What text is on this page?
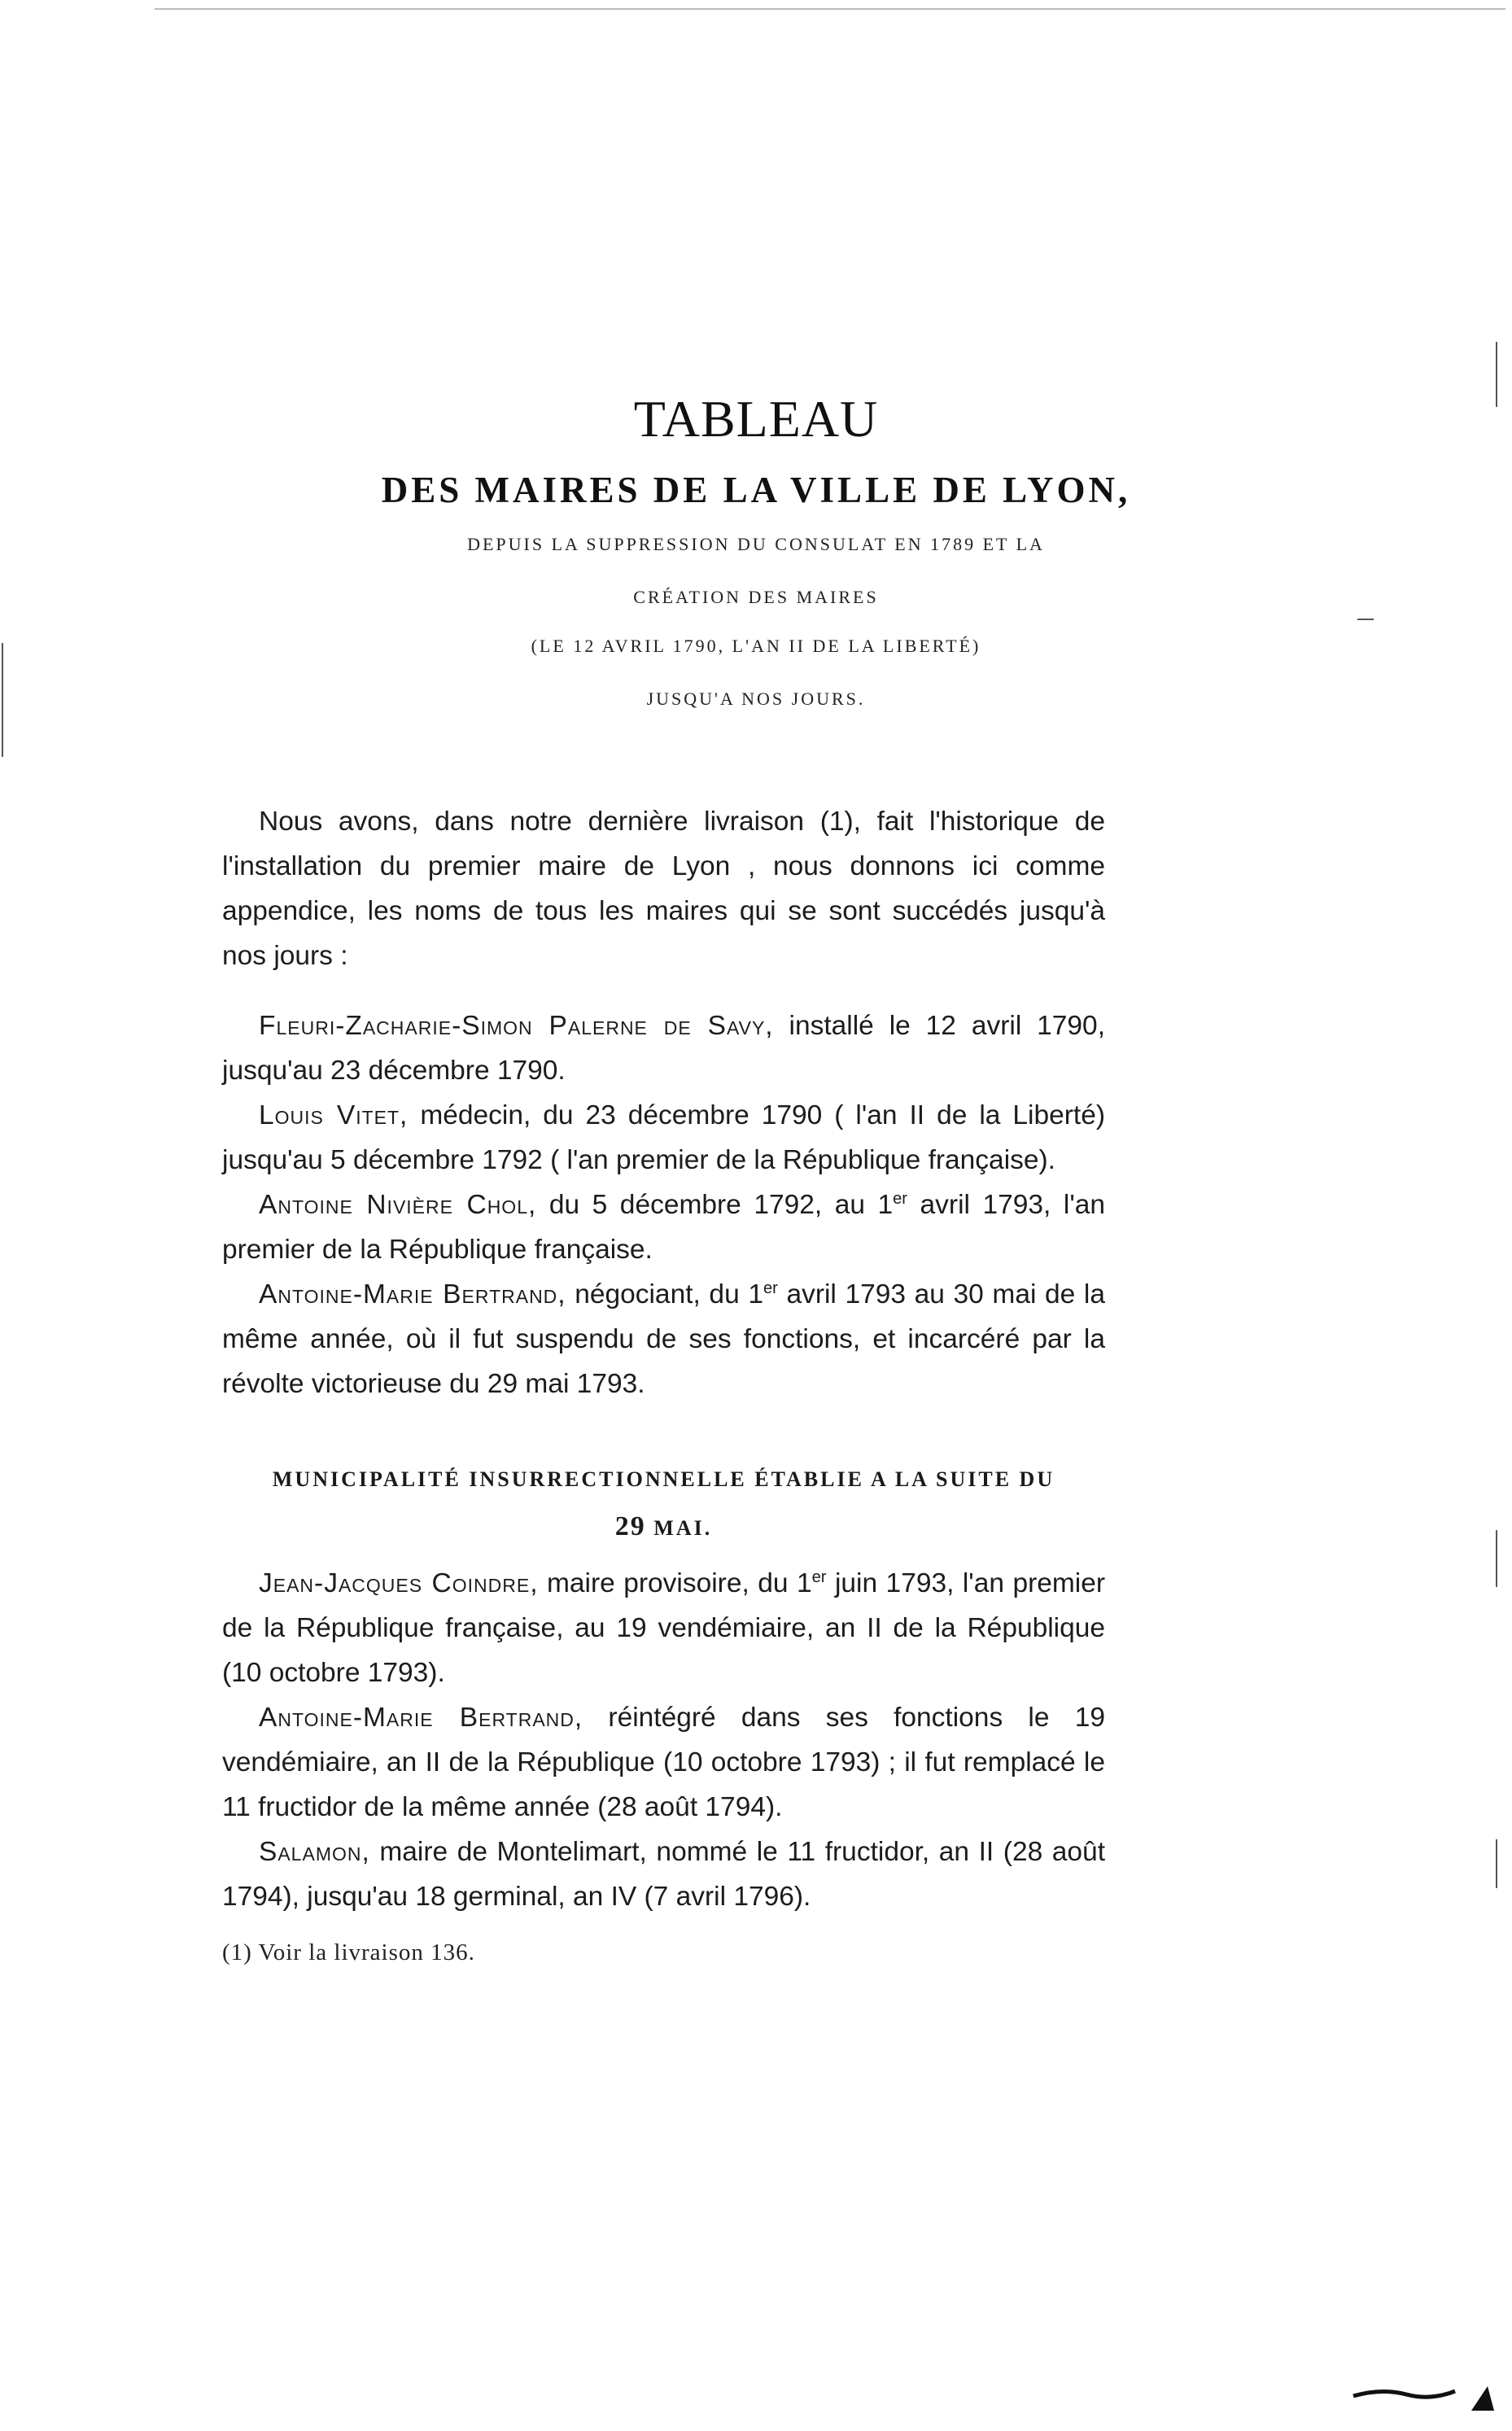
TABLEAU
DES MAIRES DE LA VILLE DE LYON,
DEPUIS LA SUPPRESSION DU CONSULAT EN 1789 ET LA
CRÉATION DES MAIRES
(LE 12 AVRIL 1790, L'AN II DE LA LIBERTÉ)
JUSQU'A NOS JOURS.

Nous avons, dans notre dernière livraison (1), fait l'historique de l'installation du premier maire de Lyon , nous donnons ici comme appendice, les noms de tous les maires qui se sont succédés jusqu'à nos jours :

Fleuri-Zacharie-Simon Palerne de Savy, installé le 12 avril 1790, jusqu'au 23 décembre 1790.

Louis Vitet, médecin, du 23 décembre 1790 ( l'an II de la Liberté) jusqu'au 5 décembre 1792 ( l'an premier de la République française).

Antoine Nivière Chol, du 5 décembre 1792, au 1er avril 1793, l'an premier de la République française.

Antoine-Marie Bertrand, négociant, du 1er avril 1793 au 30 mai de la même année, où il fut suspendu de ses fonctions, et incarcéré par la révolte victorieuse du 29 mai 1793.

MUNICIPALITÉ INSURRECTIONNELLE ÉTABLIE A LA SUITE DU
29 MAI.

Jean-Jacques Coindre, maire provisoire, du 1er juin 1793, l'an premier de la République française, au 19 vendémiaire, an II de la République (10 octobre 1793).

Antoine-Marie Bertrand, réintégré dans ses fonctions le 19 vendémiaire, an II de la République (10 octobre 1793) ; il fut remplacé le 11 fructidor de la même année (28 août 1794).

Salamon, maire de Montelimart, nommé le 11 fructidor, an II (28 août 1794), jusqu'au 18 germinal, an IV (7 avril 1796).

(1) Voir la livraison 136.
